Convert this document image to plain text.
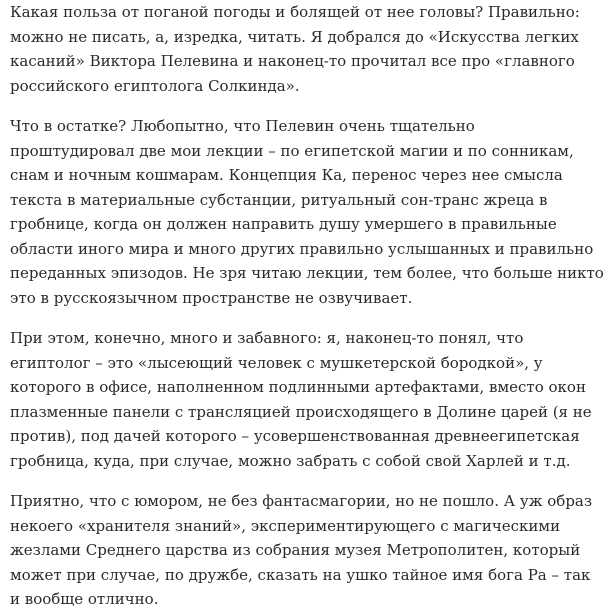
Какая польза от поганой погоды и болящей от нее головы? Правильно: можно не писать, а, изредка, читать. Я добрался до «Искусства легких касаний» Виктора Пелевина и наконец-то прочитал все про «главного российского египтолога Солкинда».

Что в остатке? Любопытно, что Пелевин очень тщательно проштудировал две мои лекции – по египетской магии и по сонникам, снам и ночным кошмарам. Концепция Ка, перенос через нее смысла текста в материальные субстанции, ритуальный сон-транс жреца в гробнице, когда он должен направить душу умершего в правильные области иного мира и много других правильно услышанных и правильно переданных эпизодов. Не зря читаю лекции, тем более, что больше никто это в русскоязычном пространстве не озвучивает.

При этом, конечно, много и забавного: я, наконец-то понял, что египтолог – это «лысеющий человек с мушкетерской бородкой», у которого в офисе, наполненном подлинными артефактами, вместо окон плазменные панели с трансляцией происходящего в Долине царей (я не против), под дачей которого – усовершенствованная древнеегипетская гробница, куда, при случае, можно забрать с собой свой Харлей и т.д.

Приятно, что с юмором, не без фантасмагории, но не пошло. А уж образ некоего «хранителя знаний», экспериментирующего с магическими жезлами Среднего царства из собрания музея Метрополитен, который может при случае, по дружбе, сказать на ушко тайное имя бога Ра – так и вообще отлично.
